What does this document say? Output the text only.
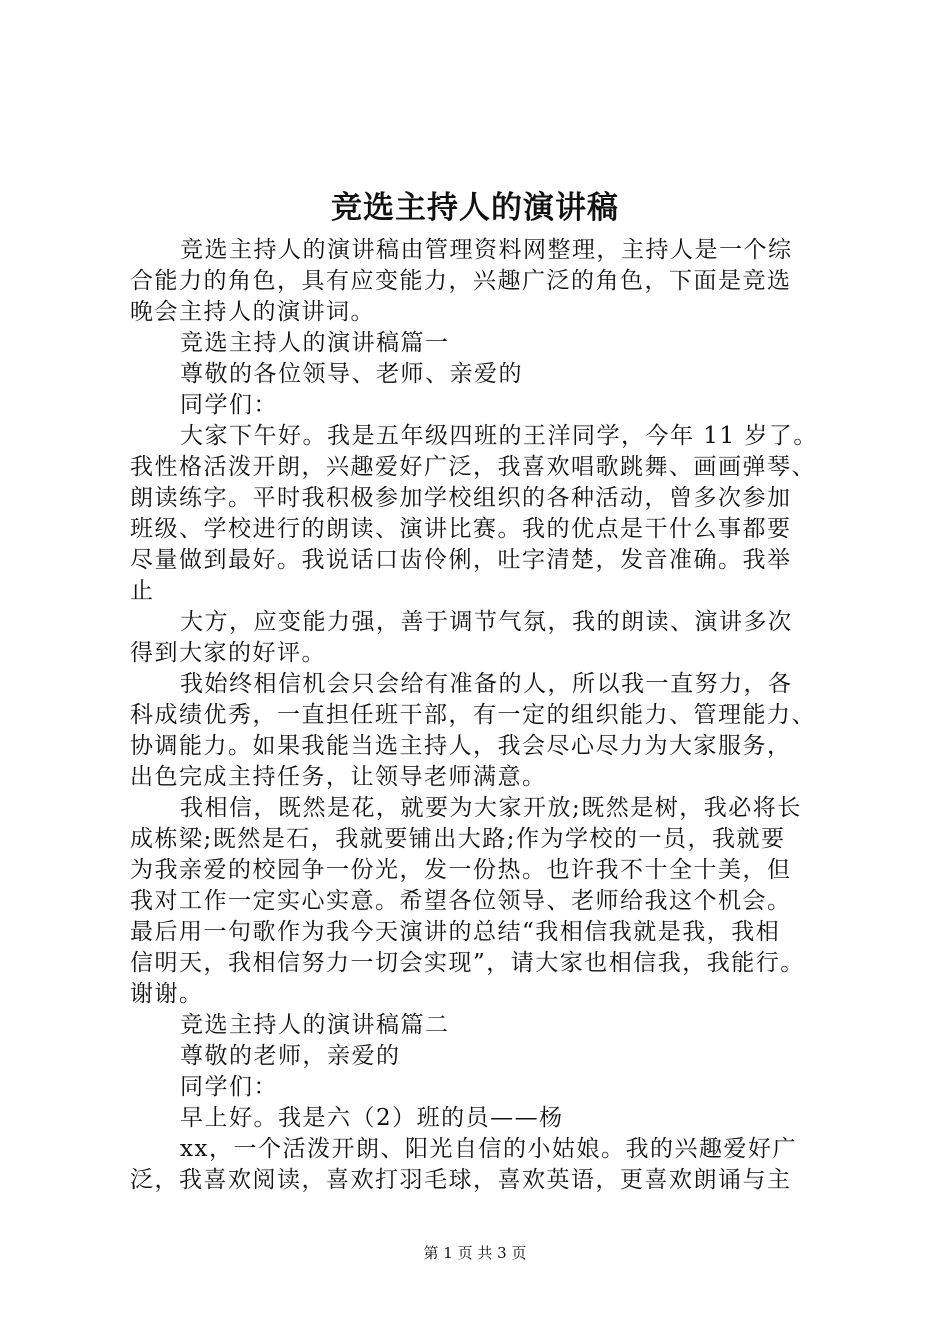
竞选主持人的演讲稿
竞选主持人的演讲稿由管理资料网整理，主持人是一个综
合能力的角色，具有应变能力，兴趣广泛的角色，下面是竞选
晚会主持人的演讲词。
竞选主持人的演讲稿篇一
尊敬的各位领导、老师、亲爱的
同学们：
大家下午好。我是五年级四班的王洋同学，今年 11 岁了。
我性格活泼开朗，兴趣爱好广泛，我喜欢唱歌跳舞、画画弹琴、
朗读练字。平时我积极参加学校组织的各种活动，曾多次参加
班级、学校进行的朗读、演讲比赛。我的优点是干什么事都要
尽量做到最好。我说话口齿伶俐，吐字清楚，发音准确。我举
止
大方，应变能力强，善于调节气氛，我的朗读、演讲多次
得到大家的好评。
我始终相信机会只会给有准备的人，所以我一直努力，各
科成绩优秀，一直担任班干部，有一定的组织能力、管理能力、
协调能力。如果我能当选主持人，我会尽心尽力为大家服务，
出色完成主持任务，让领导老师满意。
我相信，既然是花，就要为大家开放;既然是树，我必将长
成栋梁;既然是石，我就要铺出大路;作为学校的一员，我就要
为我亲爱的校园争一份光，发一份热。也许我不十全十美，但
我对工作一定实心实意。希望各位领导、老师给我这个机会。
最后用一句歌作为我今天演讲的总结“我相信我就是我，我相
信明天，我相信努力一切会实现”，请大家也相信我，我能行。
谢谢。
竞选主持人的演讲稿篇二
尊敬的老师，亲爱的
同学们：
早上好。我是六（2）班的员——杨
xx，一个活泼开朗、阳光自信的小姑娘。我的兴趣爱好广
泛，我喜欢阅读，喜欢打羽毛球，喜欢英语，更喜欢朗诵与主
第 1 页 共 3 页
